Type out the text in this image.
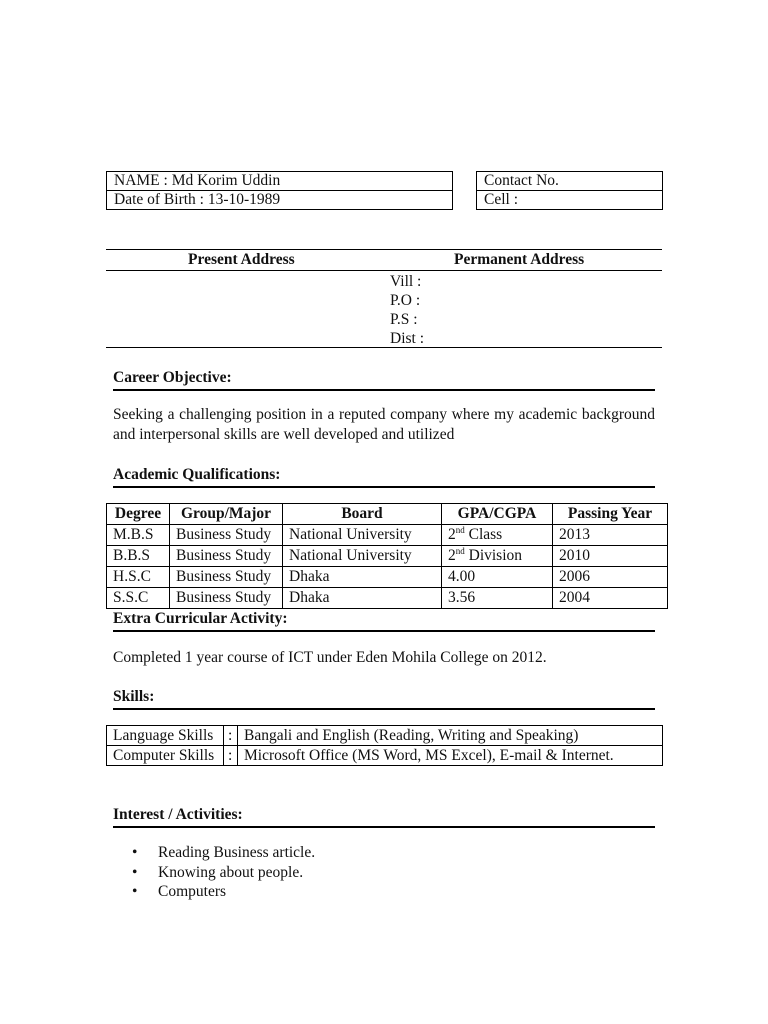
NAME : Md Korim Uddin
Date of Birth : 13-10-1989
Contact No.
Cell :
Present Address	Permanent Address
Vill :
P.O :
P.S :
Dist :
Career Objective:
Seeking a challenging position in a reputed company where my academic background and interpersonal skills are well developed and utilized
Academic Qualifications:
Degree	Group/Major	Board	GPA/CGPA	Passing Year
M.B.S	Business Study	National University	2nd Class	2013
B.B.S	Business Study	National University	2nd Division	2010
H.S.C	Business Study	Dhaka	4.00	2006
S.S.C	Business Study	Dhaka	3.56	2004
Extra Curricular Activity:
Completed 1 year course of ICT under Eden Mohila College on 2012.
Skills:
Language Skills	:	Bangali and English (Reading, Writing and Speaking)
Computer Skills	:	Microsoft Office (MS Word, MS Excel), E-mail & Internet.
Interest / Activities:
• Reading Business article.
• Knowing about people.
• Computers
